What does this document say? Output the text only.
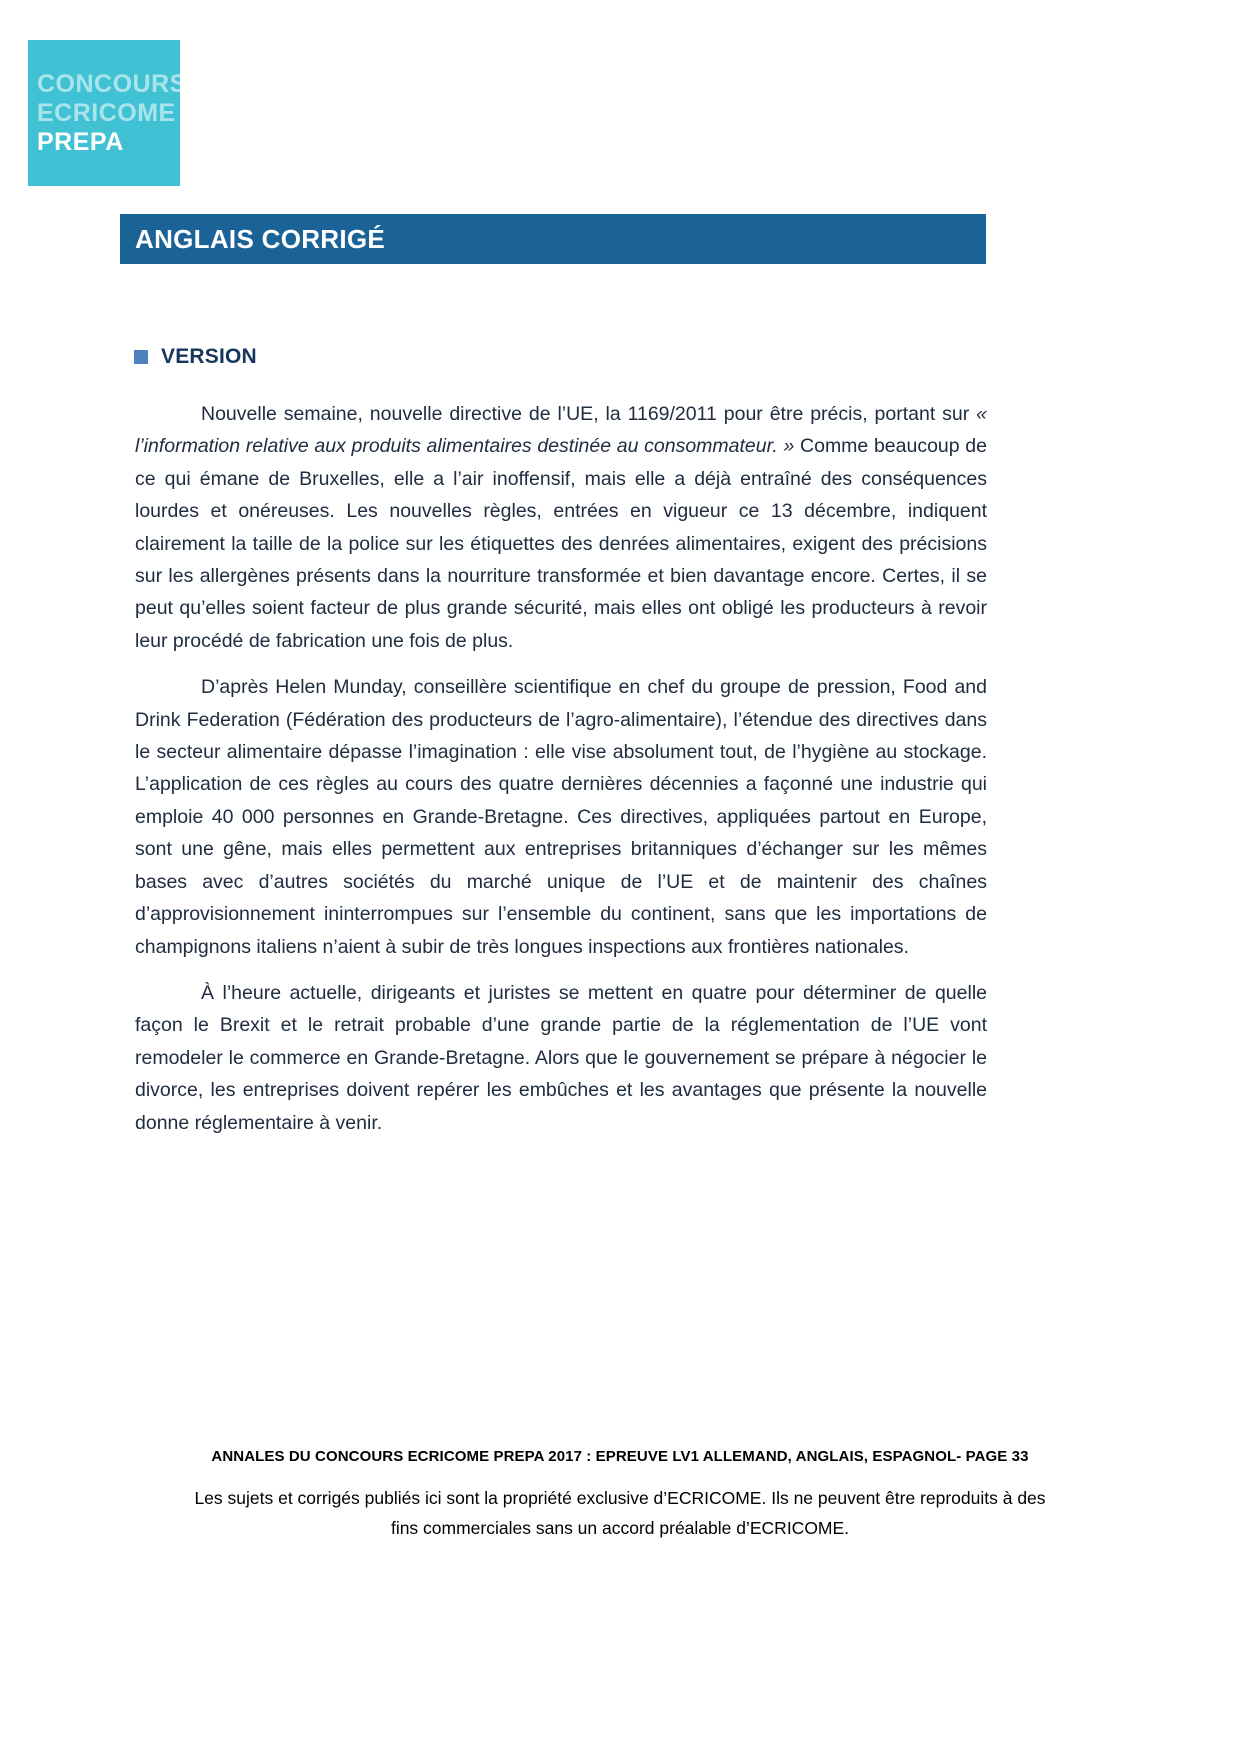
CONCOURS
ECRICOME
PREPA
ANGLAIS CORRIGÉ
VERSION

Nouvelle semaine, nouvelle directive de l’UE, la 1169/2011 pour être précis, portant sur « l’information relative aux produits alimentaires destinée au consommateur. » Comme beaucoup de ce qui émane de Bruxelles, elle a l’air inoffensif, mais elle a déjà entraîné des conséquences lourdes et onéreuses. Les nouvelles règles, entrées en vigueur ce 13 décembre, indiquent clairement la taille de la police sur les étiquettes des denrées alimentaires, exigent des précisions sur les allergènes présents dans la nourriture transformée et bien davantage encore. Certes, il se peut qu’elles soient facteur de plus grande sécurité, mais elles ont obligé les producteurs à revoir leur procédé de fabrication une fois de plus.

D’après Helen Munday, conseillère scientifique en chef du groupe de pression, Food and Drink Federation (Fédération des producteurs de l’agro-alimentaire), l’étendue des directives dans le secteur alimentaire dépasse l’imagination : elle vise absolument tout, de l’hygiène au stockage. L’application de ces règles au cours des quatre dernières décennies a façonné une industrie qui emploie 40 000 personnes en Grande-Bretagne. Ces directives, appliquées partout en Europe, sont une gêne, mais elles permettent aux entreprises britanniques d’échanger sur les mêmes bases avec d’autres sociétés du marché unique de l’UE et de maintenir des chaînes d’approvisionnement ininterrompues sur l’ensemble du continent, sans que les importations de champignons italiens n’aient à subir de très longues inspections aux frontières nationales.

À l’heure actuelle, dirigeants et juristes se mettent en quatre pour déterminer de quelle façon le Brexit et le retrait probable d’une grande partie de la réglementation de l’UE vont remodeler le commerce en Grande-Bretagne. Alors que le gouvernement se prépare à négocier le divorce, les entreprises doivent repérer les embûches et les avantages que présente la nouvelle donne réglementaire à venir.

ANNALES DU CONCOURS ECRICOME PREPA 2017 : EPREUVE LV1 ALLEMAND, ANGLAIS, ESPAGNOL- PAGE 33
Les sujets et corrigés publiés ici sont la propriété exclusive d’ECRICOME. Ils ne peuvent être reproduits à des
fins commerciales sans un accord préalable d’ECRICOME.
